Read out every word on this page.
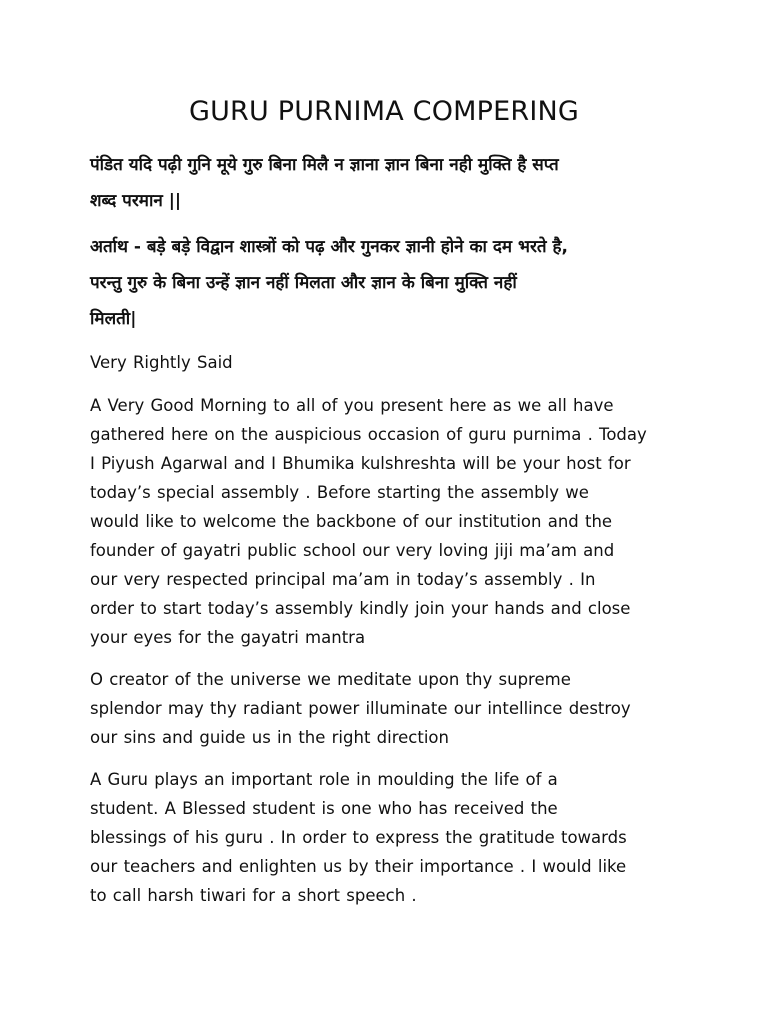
GURU PURNIMA COMPERING
पंडित यदि पढ़ी गुनि मूये गुरु बिना मिलै न ज्ञाना ज्ञान बिना नही मुक्ति है सप्त
शब्द परमान ||
अर्ताथ - बड़े बड़े विद्वान शास्त्रों को पढ़ और गुनकर ज्ञानी होने का दम भरते है,
परन्तु गुरु के बिना उन्हें ज्ञान नहीं मिलता और ज्ञान के बिना मुक्ति नहीं
मिलती|
Very Rightly Said
A Very Good Morning to all of you present here as we all have
gathered here on the auspicious occasion of guru purnima . Today
I Piyush Agarwal and I Bhumika kulshreshta will be your host for
today’s special assembly . Before starting the assembly we
would like to welcome the backbone of our institution and the
founder of gayatri public school our very loving jiji ma’am and
our very respected principal ma’am in today’s assembly . In
order to start today’s assembly kindly join your hands and close
your eyes for the gayatri mantra
O creator of the universe we meditate upon thy supreme
splendor may thy radiant power illuminate our intellince destroy
our sins and guide us in the right direction
A Guru plays an important role in moulding the life of a
student. A Blessed student is one who has received the
blessings of his guru . In order to express the gratitude towards
our teachers and enlighten us by their importance . I would like
to call harsh tiwari for a short speech .
